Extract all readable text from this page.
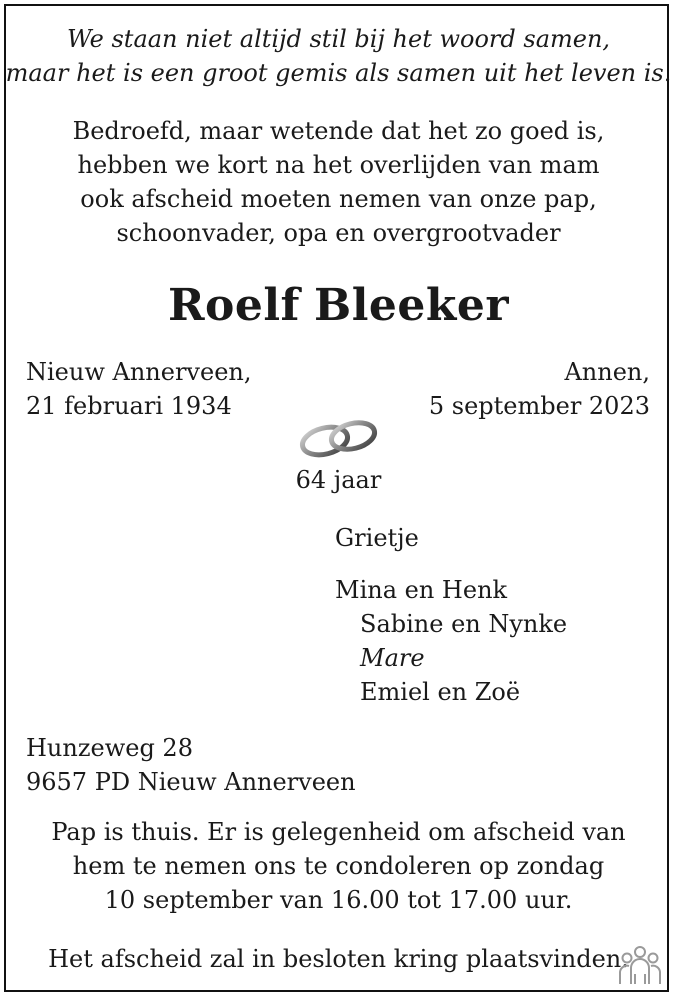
We staan niet altijd stil bij het woord samen,
maar het is een groot gemis als samen uit het leven is.
Bedroefd, maar wetende dat het zo goed is,
hebben we kort na het overlijden van mam
ook afscheid moeten nemen van onze pap,
schoonvader, opa en overgrootvader
Roelf Bleeker
Nieuw Annerveen,
21 februari 1934
Annen,
5 september 2023
64 jaar
Grietje
Mina en Henk
Sabine en Nynke
Mare
Emiel en Zoë
Hunzeweg 28
9657 PD Nieuw Annerveen
Pap is thuis. Er is gelegenheid om afscheid van
hem te nemen ons te condoleren op zondag
10 september van 16.00 tot 17.00 uur.
Het afscheid zal in besloten kring plaatsvinden.
